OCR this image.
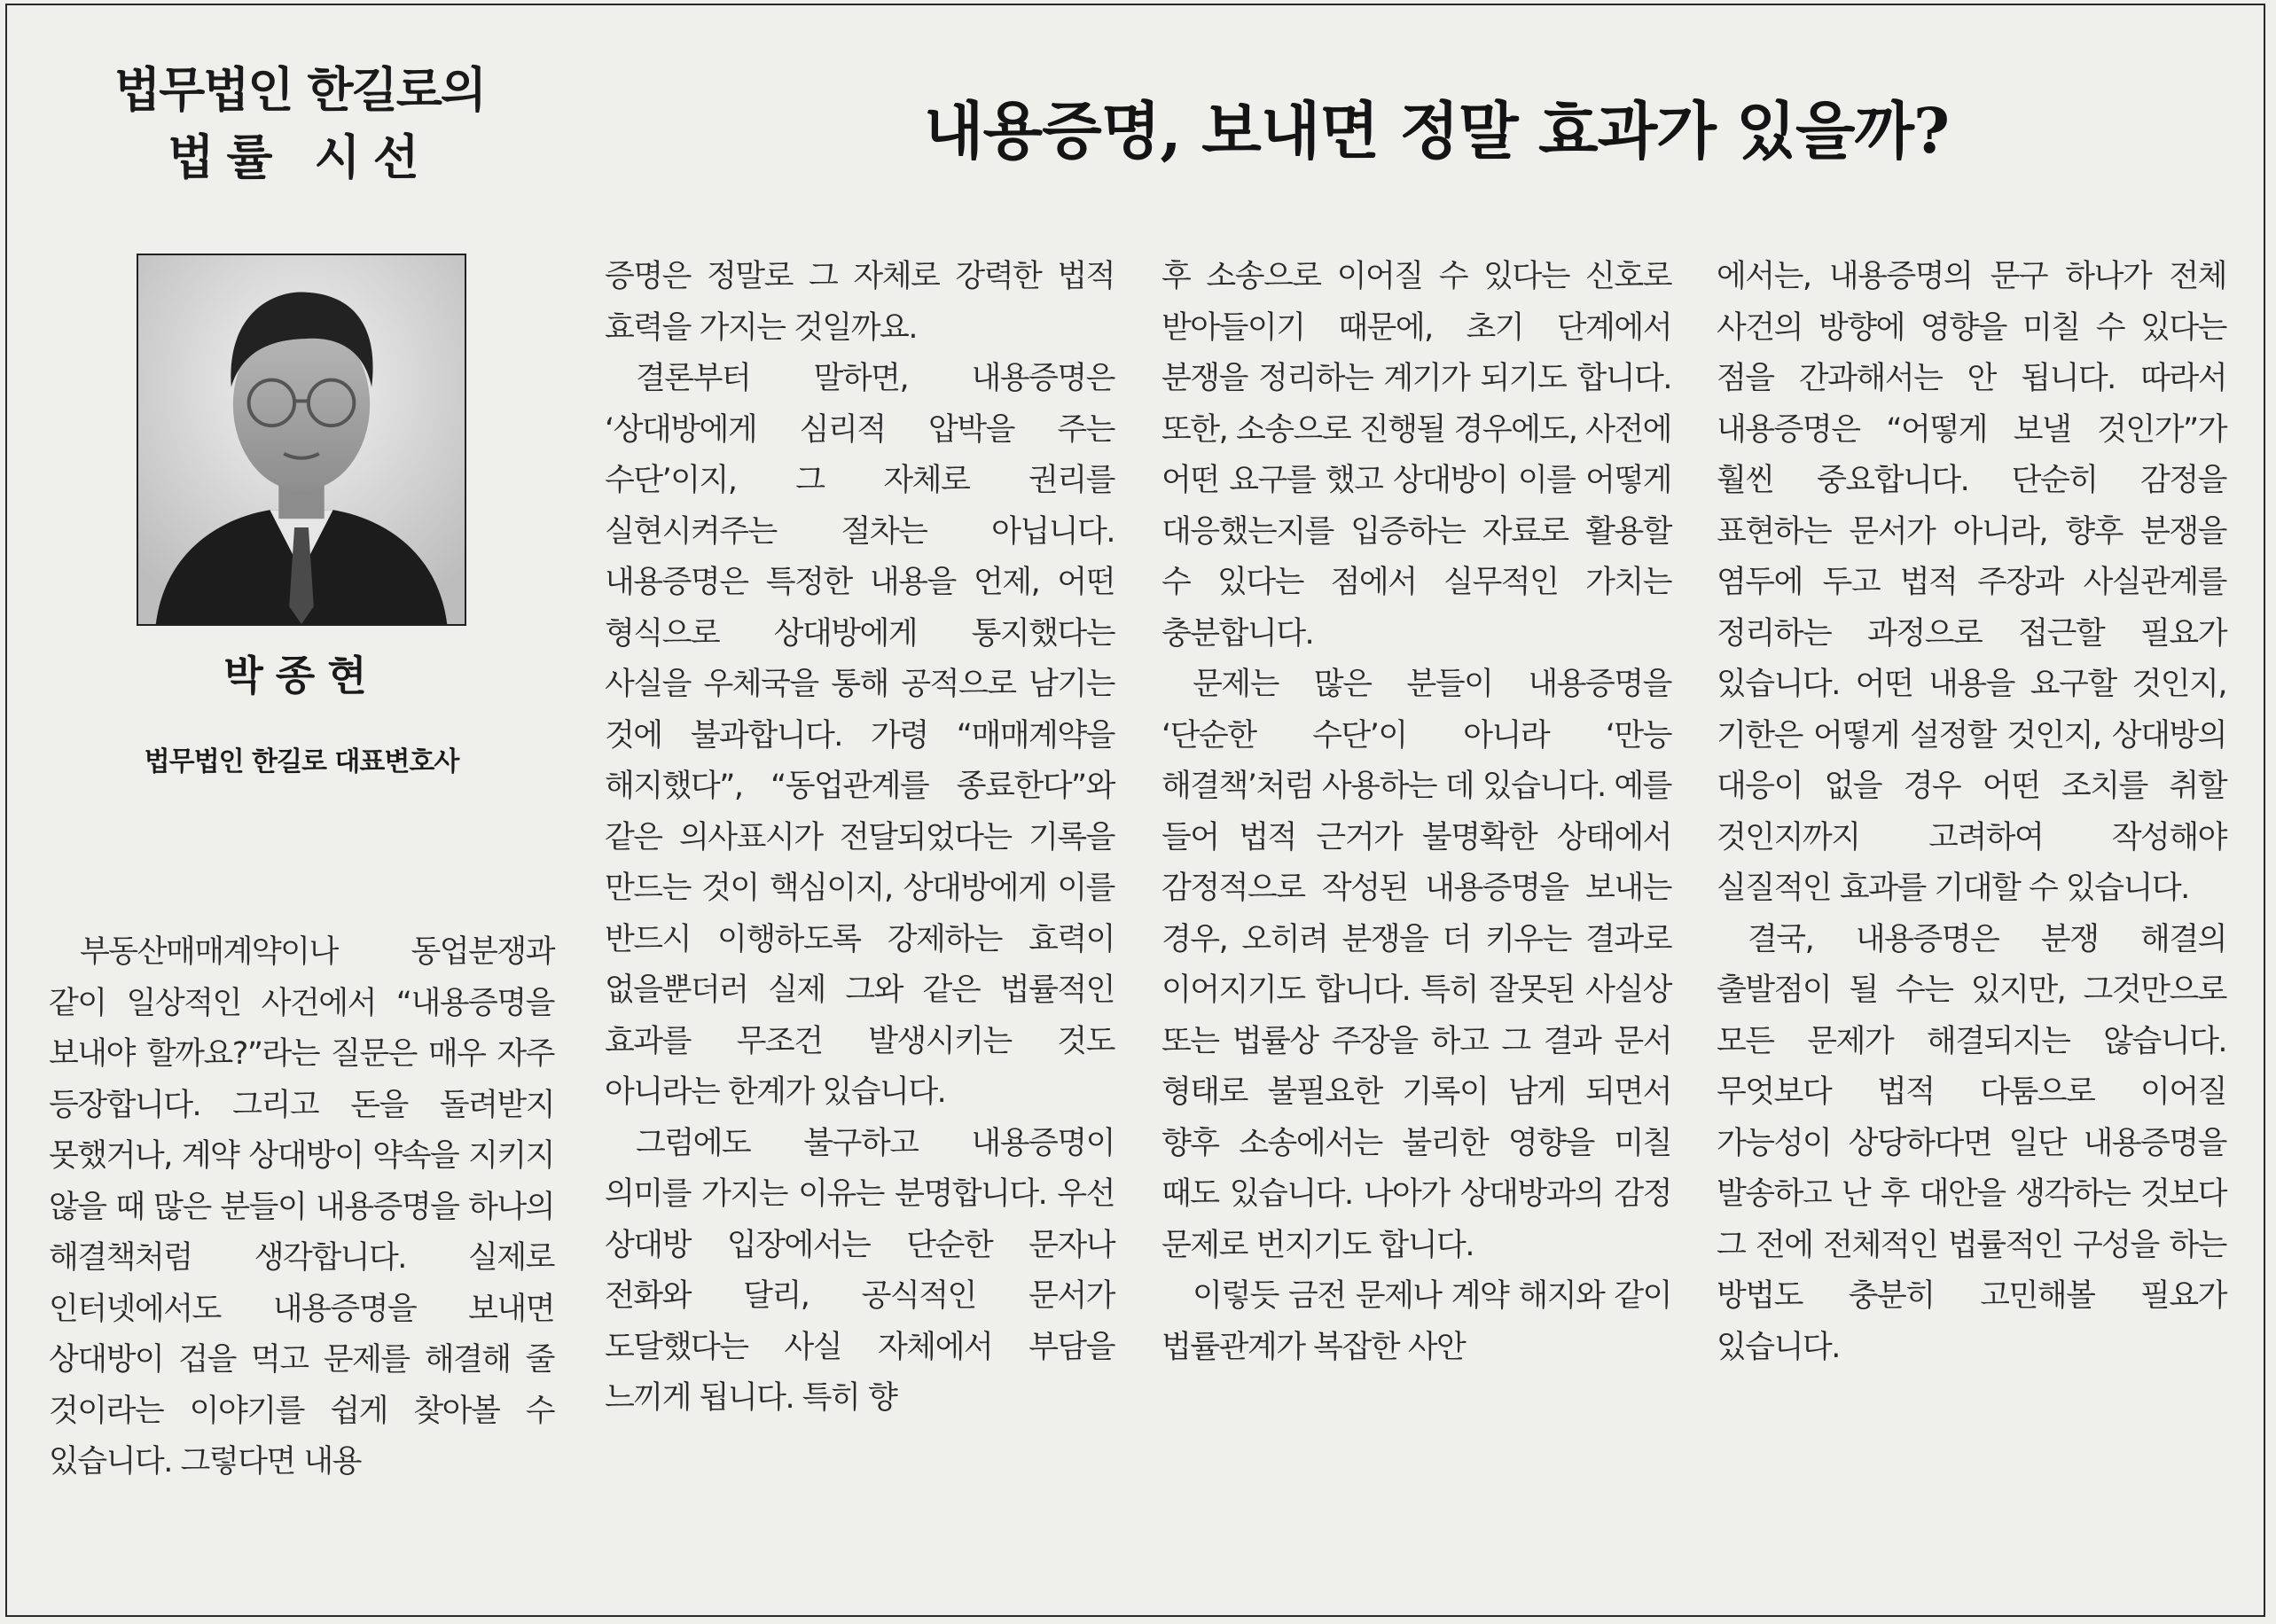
법무법인 한길로의
법률 시선	내용증명, 보내면 정말 효과가 있을까?
박종현
법무법인 한길로 대표변호사

부동산매매계약이나 동업분쟁과 같이 일상적인 사건에서 “내용증명을 보내야 할까요?”라는 질문은 매우 자주 등장합니다. 그리고 돈을 돌려받지 못했거나, 계약 상대방이 약속을 지키지 않을 때 많은 분들이 내용증명을 하나의 해결책처럼 생각합니다. 실제로 인터넷에서도 내용증명을 보내면 상대방이 겁을 먹고 문제를 해결해 줄 것이라는 이야기를 쉽게 찾아볼 수 있습니다. 그렇다면 내용

증명은 정말로 그 자체로 강력한 법적 효력을 가지는 것일까요.

결론부터 말하면, 내용증명은 ‘상대방에게 심리적 압박을 주는 수단’이지, 그 자체로 권리를 실현시켜주는 절차는 아닙니다. 내용증명은 특정한 내용을 언제, 어떤 형식으로 상대방에게 통지했다는 사실을 우체국을 통해 공적으로 남기는 것에 불과합니다. 가령 “매매계약을 해지했다”, “동업관계를 종료한다”와 같은 의사표시가 전달되었다는 기록을 만드는 것이 핵심이지, 상대방에게 이를 반드시 이행하도록 강제하는 효력이 없을뿐더러 실제 그와 같은 법률적인 효과를 무조건 발생시키는 것도 아니라는 한계가 있습니다.

그럼에도 불구하고 내용증명이 의미를 가지는 이유는 분명합니다. 우선 상대방 입장에서는 단순한 문자나 전화와 달리, 공식적인 문서가 도달했다는 사실 자체에서 부담을 느끼게 됩니다. 특히 향

후 소송으로 이어질 수 있다는 신호로 받아들이기 때문에, 초기 단계에서 분쟁을 정리하는 계기가 되기도 합니다. 또한, 소송으로 진행될 경우에도, 사전에 어떤 요구를 했고 상대방이 이를 어떻게 대응했는지를 입증하는 자료로 활용할 수 있다는 점에서 실무적인 가치는 충분합니다.

문제는 많은 분들이 내용증명을 ‘단순한 수단’이 아니라 ‘만능 해결책’처럼 사용하는 데 있습니다. 예를 들어 법적 근거가 불명확한 상태에서 감정적으로 작성된 내용증명을 보내는 경우, 오히려 분쟁을 더 키우는 결과로 이어지기도 합니다. 특히 잘못된 사실상 또는 법률상 주장을 하고 그 결과 문서 형태로 불필요한 기록이 남게 되면서 향후 소송에서는 불리한 영향을 미칠 때도 있습니다. 나아가 상대방과의 감정 문제로 번지기도 합니다.

이렇듯 금전 문제나 계약 해지와 같이 법률관계가 복잡한 사안

에서는, 내용증명의 문구 하나가 전체 사건의 방향에 영향을 미칠 수 있다는 점을 간과해서는 안 됩니다. 따라서 내용증명은 “어떻게 보낼 것인가”가 훨씬 중요합니다. 단순히 감정을 표현하는 문서가 아니라, 향후 분쟁을 염두에 두고 법적 주장과 사실관계를 정리하는 과정으로 접근할 필요가 있습니다. 어떤 내용을 요구할 것인지, 기한은 어떻게 설정할 것인지, 상대방의 대응이 없을 경우 어떤 조치를 취할 것인지까지 고려하여 작성해야 실질적인 효과를 기대할 수 있습니다.

결국, 내용증명은 분쟁 해결의 출발점이 될 수는 있지만, 그것만으로 모든 문제가 해결되지는 않습니다. 무엇보다 법적 다툼으로 이어질 가능성이 상당하다면 일단 내용증명을 발송하고 난 후 대안을 생각하는 것보다 그 전에 전체적인 법률적인 구성을 하는 방법도 충분히 고민해볼 필요가 있습니다.
